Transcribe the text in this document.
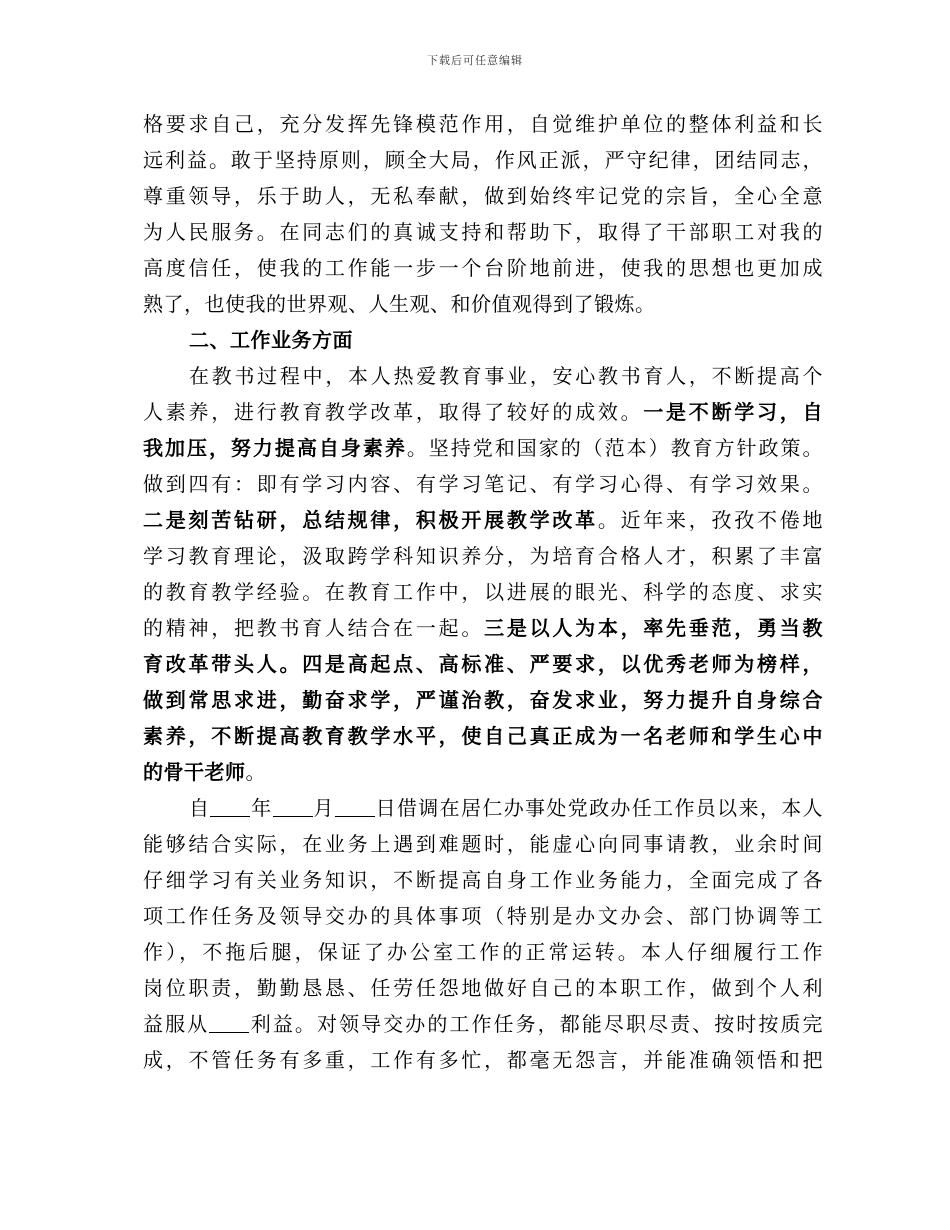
下载后可任意编辑
格要求自己，充分发挥先锋模范作用，自觉维护单位的整体利益和长
远利益。敢于坚持原则，顾全大局，作风正派，严守纪律，团结同志，
尊重领导，乐于助人，无私奉献，做到始终牢记党的宗旨，全心全意
为人民服务。在同志们的真诚支持和帮助下，取得了干部职工对我的
高度信任，使我的工作能一步一个台阶地前进，使我的思想也更加成
熟了，也使我的世界观、人生观、和价值观得到了锻炼。
二、工作业务方面
在教书过程中，本人热爱教育事业，安心教书育人，不断提高个
人素养，进行教育教学改革，取得了较好的成效。一是不断学习，自
我加压，努力提高自身素养。坚持党和国家的（范本）教育方针政策。
做到四有：即有学习内容、有学习笔记、有学习心得、有学习效果。
二是刻苦钻研，总结规律，积极开展教学改革。近年来，孜孜不倦地
学习教育理论，汲取跨学科知识养分，为培育合格人才，积累了丰富
的教育教学经验。在教育工作中，以进展的眼光、科学的态度、求实
的精神，把教书育人结合在一起。三是以人为本，率先垂范，勇当教
育改革带头人。四是高起点、高标准、严要求，以优秀老师为榜样，
做到常思求进，勤奋求学，严谨治教，奋发求业，努力提升自身综合
素养，不断提高教育教学水平，使自己真正成为一名老师和学生心中
的骨干老师。
自 年 月 日借调在居仁办事处党政办任工作员以来，本人
能够结合实际，在业务上遇到难题时，能虚心向同事请教，业余时间
仔细学习有关业务知识，不断提高自身工作业务能力，全面完成了各
项工作任务及领导交办的具体事项（特别是办文办会、部门协调等工
作），不拖后腿，保证了办公室工作的正常运转。本人仔细履行工作
岗位职责，勤勤恳恳、任劳任怨地做好自己的本职工作，做到个人利
益服从 利益。对领导交办的工作任务，都能尽职尽责、按时按质完
成，不管任务有多重，工作有多忙，都毫无怨言，并能准确领悟和把
